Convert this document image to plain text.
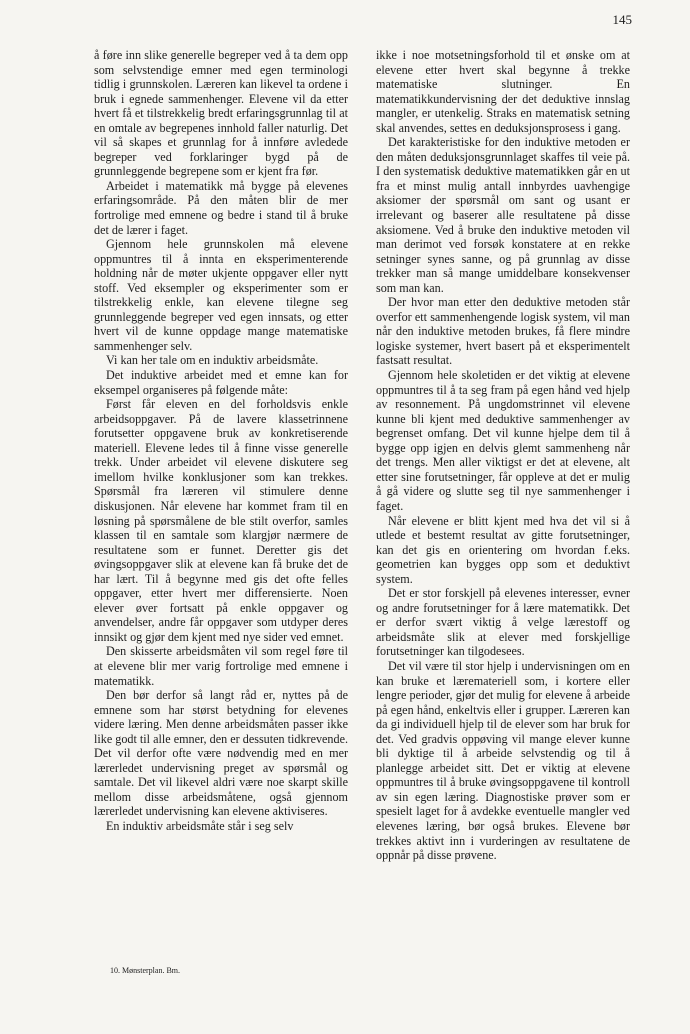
145

å føre inn slike generelle begreper ved å ta dem opp som selvstendige emner med egen terminologi tidlig i grunnskolen. Læreren kan likevel ta ordene i bruk i egnede sammenhenger. Elevene vil da etter hvert få et tilstrekkelig bredt erfaringsgrunnlag til at en omtale av begrepenes innhold faller naturlig. Det vil så skapes et grunnlag for å innføre avledede begreper ved forklaringer bygd på de grunnleggende begrepene som er kjent fra før.

Arbeidet i matematikk må bygge på elevenes erfaringsområde. På den måten blir de mer fortrolige med emnene og bedre i stand til å bruke det de lærer i faget.

Gjennom hele grunnskolen må elevene oppmuntres til å innta en eksperimenterende holdning når de møter ukjente oppgaver eller nytt stoff. Ved eksempler og eksperimenter som er tilstrekkelig enkle, kan elevene tilegne seg grunnleggende begreper ved egen innsats, og etter hvert vil de kunne oppdage mange matematiske sammenhenger selv.

Vi kan her tale om en induktiv arbeidsmåte.

Det induktive arbeidet med et emne kan for eksempel organiseres på følgende måte:

Først får eleven en del forholdsvis enkle arbeidsoppgaver. På de lavere klassetrinnene forutsetter oppgavene bruk av konkretiserende materiell. Elevene ledes til å finne visse generelle trekk. Under arbeidet vil elevene diskutere seg imellom hvilke konklusjoner som kan trekkes. Spørsmål fra læreren vil stimulere denne diskusjonen. Når elevene har kommet fram til en løsning på spørsmålene de ble stilt overfor, samles klassen til en samtale som klargjør nærmere de resultatene som er funnet. Deretter gis det øvingsoppgaver slik at elevene kan få bruke det de har lært. Til å begynne med gis det ofte felles oppgaver, etter hvert mer differensierte. Noen elever øver fortsatt på enkle oppgaver og anvendelser, andre får oppgaver som utdyper deres innsikt og gjør dem kjent med nye sider ved emnet.

Den skisserte arbeidsmåten vil som regel føre til at elevene blir mer varig fortrolige med emnene i matematikk.

Den bør derfor så langt råd er, nyttes på de emnene som har størst betydning for elevenes videre læring. Men denne arbeidsmåten passer ikke like godt til alle emner, den er dessuten tidkrevende. Det vil derfor ofte være nødvendig med en mer lærerledet undervisning preget av spørsmål og samtale. Det vil likevel aldri være noe skarpt skille mellom disse arbeidsmåtene, også gjennom lærerledet undervisning kan elevene aktiviseres.

En induktiv arbeidsmåte står i seg selv

ikke i noe motsetningsforhold til et ønske om at elevene etter hvert skal begynne å trekke matematiske slutninger. En matematikkundervisning der det deduktive innslag mangler, er utenkelig. Straks en matematisk setning skal anvendes, settes en deduksjonsprosess i gang.

Det karakteristiske for den induktive metoden er den måten deduksjonsgrunnlaget skaffes til veie på. I den systematisk deduktive matematikken går en ut fra et minst mulig antall innbyrdes uavhengige aksiomer der spørsmål om sant og usant er irrelevant og baserer alle resultatene på disse aksiomene. Ved å bruke den induktive metoden vil man derimot ved forsøk konstatere at en rekke setninger synes sanne, og på grunnlag av disse trekker man så mange umiddelbare konsekvenser som man kan.

Der hvor man etter den deduktive metoden står overfor ett sammenhengende logisk system, vil man når den induktive metoden brukes, få flere mindre logiske systemer, hvert basert på et eksperimentelt fastsatt resultat.

Gjennom hele skoletiden er det viktig at elevene oppmuntres til å ta seg fram på egen hånd ved hjelp av resonnement. På ungdomstrinnet vil elevene kunne bli kjent med deduktive sammenhenger av begrenset omfang. Det vil kunne hjelpe dem til å bygge opp igjen en delvis glemt sammenheng når det trengs. Men aller viktigst er det at elevene, alt etter sine forutsetninger, får oppleve at det er mulig å gå videre og slutte seg til nye sammenhenger i faget.

Når elevene er blitt kjent med hva det vil si å utlede et bestemt resultat av gitte forutsetninger, kan det gis en orientering om hvordan f.eks. geometrien kan bygges opp som et deduktivt system.

Det er stor forskjell på elevenes interesser, evner og andre forutsetninger for å lære matematikk. Det er derfor svært viktig å velge lærestoff og arbeidsmåte slik at elever med forskjellige forutsetninger kan tilgodesees.

Det vil være til stor hjelp i undervisningen om en kan bruke et læremateriell som, i kortere eller lengre perioder, gjør det mulig for elevene å arbeide på egen hånd, enkeltvis eller i grupper. Læreren kan da gi individuell hjelp til de elever som har bruk for det. Ved gradvis oppøving vil mange elever kunne bli dyktige til å arbeide selvstendig og til å planlegge arbeidet sitt. Det er viktig at elevene oppmuntres til å bruke øvingsoppgavene til kontroll av sin egen læring. Diagnostiske prøver som er spesielt laget for å avdekke eventuelle mangler ved elevenes læring, bør også brukes. Elevene bør trekkes aktivt inn i vurderingen av resultatene de oppnår på disse prøvene.

10. Mønsterplan. Bm.
